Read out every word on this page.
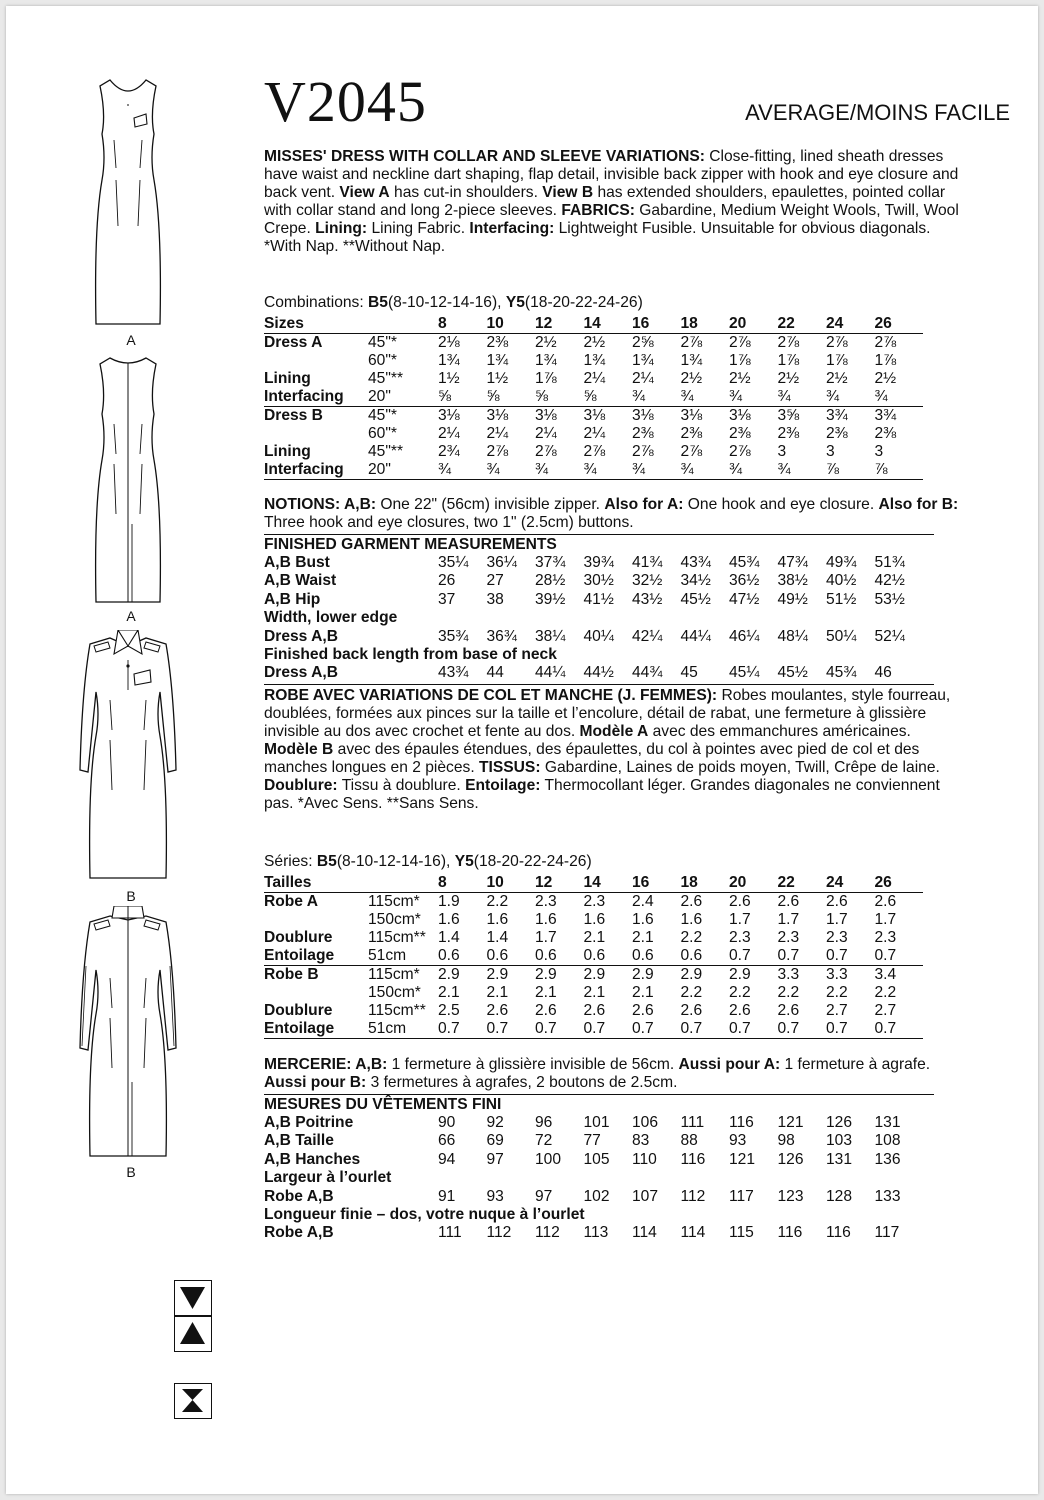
A
A
B
B
V2045	AVERAGE/MOINS FACILE
MISSES' DRESS WITH COLLAR AND SLEEVE VARIATIONS: Close-fitting, lined sheath dresses have waist and neckline dart shaping, flap detail, invisible back zipper with hook and eye closure and back vent. View A has cut-in shoulders. View B has extended shoulders, epaulettes, pointed collar with collar stand and long 2-piece sleeves. FABRICS: Gabardine, Medium Weight Wools, Twill, Wool Crepe. Lining: Lining Fabric. Interfacing: Lightweight Fusible. Unsuitable for obvious diagonals. *With Nap. **Without Nap.
Combinations: B5(8-10-12-14-16), Y5(18-20-22-24-26)
Sizes		8	10	12	14	16	18	20	22	24	26
Dress A	45"*	2⅛	2⅜	2½	2½	2⅝	2⅞	2⅞	2⅞	2⅞	2⅞
	60"*	1¾	1¾	1¾	1¾	1¾	1¾	1⅞	1⅞	1⅞	1⅞
Lining	45"**	1½	1½	1⅞	2¼	2¼	2½	2½	2½	2½	2½
Interfacing	20"	⅝	⅝	⅝	⅝	¾	¾	¾	¾	¾	¾
Dress B	45"*	3⅛	3⅛	3⅛	3⅛	3⅛	3⅛	3⅛	3⅝	3¾	3¾
	60"*	2¼	2¼	2¼	2¼	2⅜	2⅜	2⅜	2⅜	2⅜	2⅜
Lining	45"**	2¾	2⅞	2⅞	2⅞	2⅞	2⅞	2⅞	3	3	3
Interfacing	20"	¾	¾	¾	¾	¾	¾	¾	¾	⅞	⅞
NOTIONS: A,B: One 22" (56cm) invisible zipper. Also for A: One hook and eye closure. Also for B: Three hook and eye closures, two 1" (2.5cm) buttons.
FINISHED GARMENT MEASUREMENTS
A,B Bust	35¼	36¼	37¾	39¾	41¾	43¾	45¾	47¾	49¾	51¾
A,B Waist	26	27	28½	30½	32½	34½	36½	38½	40½	42½
A,B Hip	37	38	39½	41½	43½	45½	47½	49½	51½	53½
Width, lower edge										
Dress A,B	35¾	36¾	38¼	40¼	42¼	44¼	46¼	48¼	50¼	52¼
Finished back length from base of neck										
Dress A,B	43¾	44	44¼	44½	44¾	45	45¼	45½	45¾	46
ROBE AVEC VARIATIONS DE COL ET MANCHE (J. FEMMES): Robes moulantes, style fourreau, doublées, formées aux pinces sur la taille et l’encolure, détail de rabat, une fermeture à glissière invisible au dos avec crochet et fente au dos. Modèle A avec des emmanchures américaines. Modèle B avec des épaules étendues, des épaulettes, du col à pointes avec pied de col et des manches longues en 2 pièces. TISSUS: Gabardine, Laines de poids moyen, Twill, Crêpe de laine. Doublure: Tissu à doublure. Entoilage: Thermocollant léger. Grandes diagonales ne conviennent pas. *Avec Sens. **Sans Sens.
Séries: B5(8-10-12-14-16), Y5(18-20-22-24-26)
Tailles		8	10	12	14	16	18	20	22	24	26
Robe A	115cm*	1.9	2.2	2.3	2.3	2.4	2.6	2.6	2.6	2.6	2.6
	150cm*	1.6	1.6	1.6	1.6	1.6	1.6	1.7	1.7	1.7	1.7
Doublure	115cm**	1.4	1.4	1.7	2.1	2.1	2.2	2.3	2.3	2.3	2.3
Entoilage	51cm	0.6	0.6	0.6	0.6	0.6	0.6	0.7	0.7	0.7	0.7
Robe B	115cm*	2.9	2.9	2.9	2.9	2.9	2.9	2.9	3.3	3.3	3.4
	150cm*	2.1	2.1	2.1	2.1	2.1	2.2	2.2	2.2	2.2	2.2
Doublure	115cm**	2.5	2.6	2.6	2.6	2.6	2.6	2.6	2.6	2.7	2.7
Entoilage	51cm	0.7	0.7	0.7	0.7	0.7	0.7	0.7	0.7	0.7	0.7
MERCERIE: A,B: 1 fermeture à glissière invisible de 56cm. Aussi pour A: 1 fermeture à agrafe. Aussi pour B: 3 fermetures à agrafes, 2 boutons de 2.5cm.
MESURES DU VÊTEMENTS FINI
A,B Poitrine	90	92	96	101	106	111	116	121	126	131
A,B Taille	66	69	72	77	83	88	93	98	103	108
A,B Hanches	94	97	100	105	110	116	121	126	131	136
Largeur à l’ourlet										
Robe A,B	91	93	97	102	107	112	117	123	128	133
Longueur finie – dos, votre nuque à l’ourlet										
Robe A,B	111	112	112	113	114	114	115	116	116	117
